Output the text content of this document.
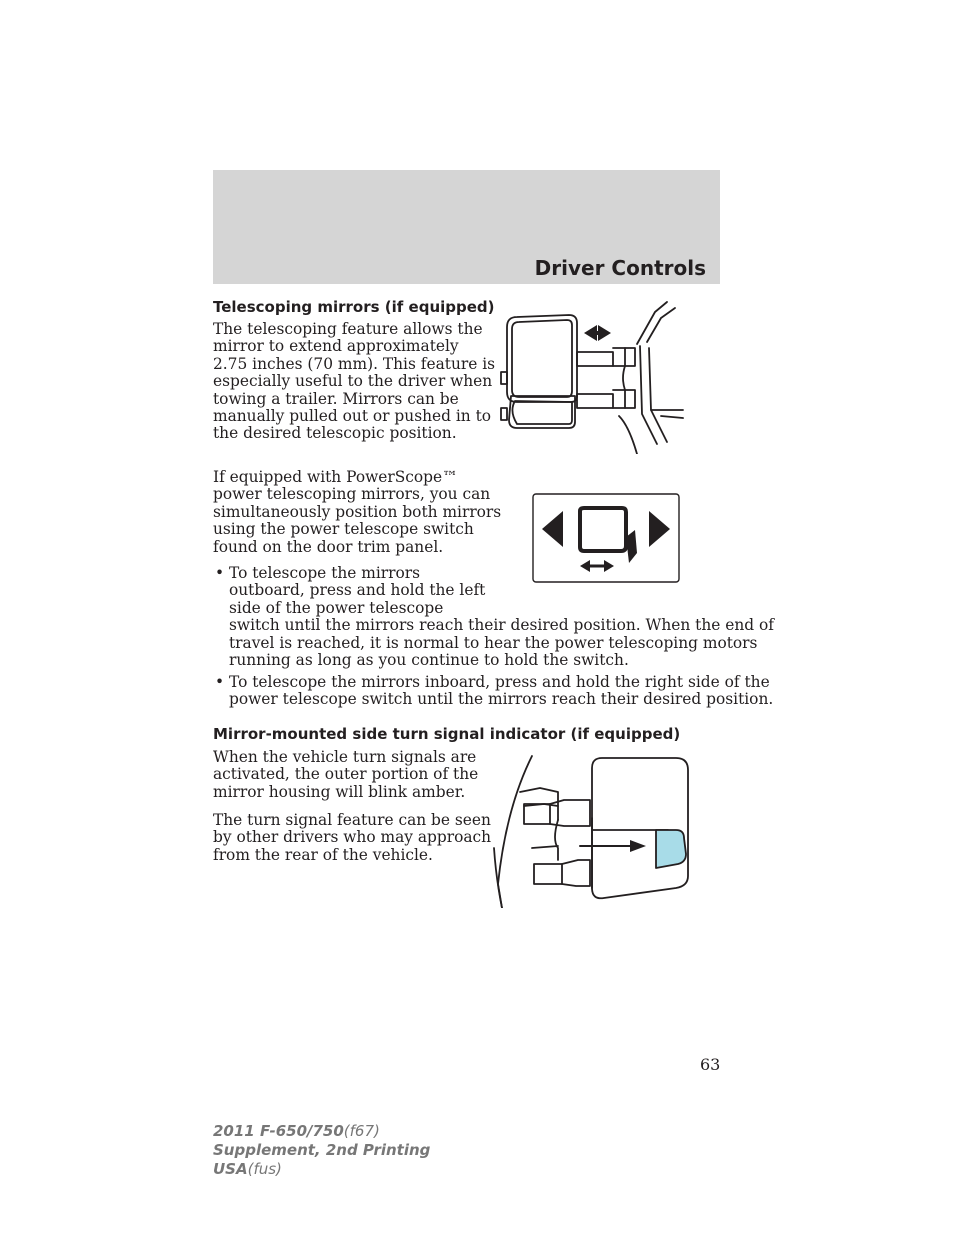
Driver Controls
Telescoping mirrors (if equipped)

The telescoping feature allows the
mirror to extend approximately
2.75 inches (70 mm). This feature is
especially useful to the driver when
towing a trailer. Mirrors can be
manually pulled out or pushed in to
the desired telescopic position.

If equipped with PowerScope™
power telescoping mirrors, you can
simultaneously position both mirrors
using the power telescope switch
found on the door trim panel.

• To telescope the mirrors
outboard, press and hold the left
side of the power telescope
switch until the mirrors reach their desired position. When the end of
travel is reached, it is normal to hear the power telescoping motors
running as long as you continue to hold the switch.

• To telescope the mirrors inboard, press and hold the right side of the
power telescope switch until the mirrors reach their desired position.

Mirror-mounted side turn signal indicator (if equipped)

When the vehicle turn signals are
activated, the outer portion of the
mirror housing will blink amber.

The turn signal feature can be seen
by other drivers who may approach
from the rear of the vehicle.

63
2011 F-650/750(f67)
Supplement, 2nd Printing
USA(fus)
